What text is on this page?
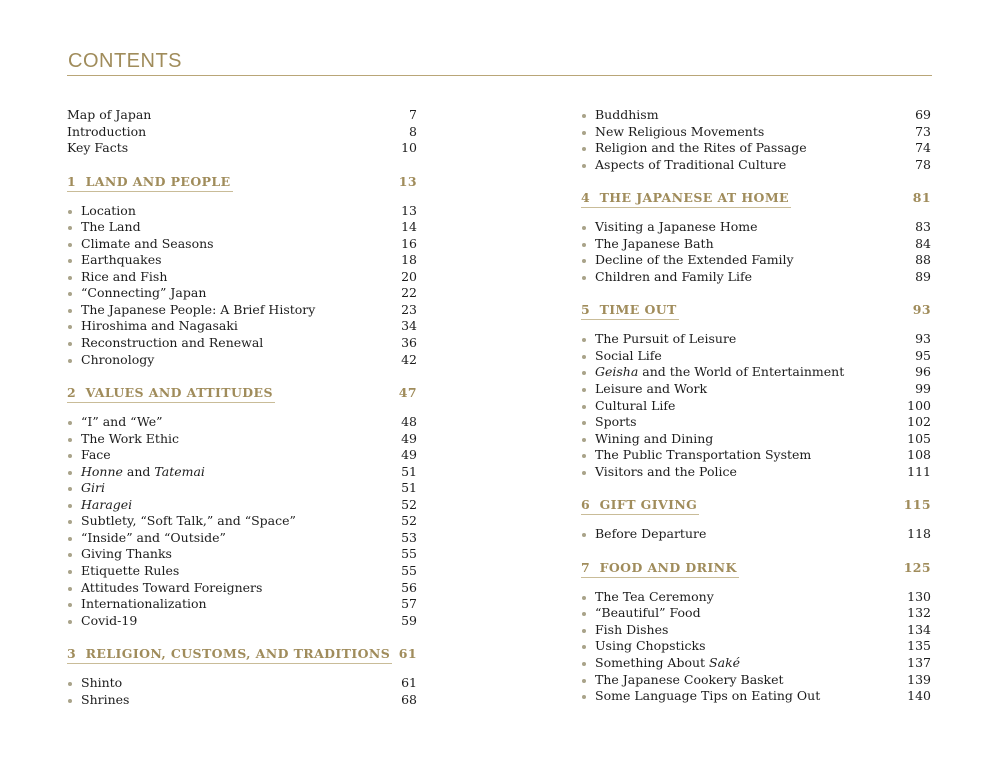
CONTENTS
Map of Japan	7
Introduction	8
Key Facts	10
1  LAND AND PEOPLE	13
Location	13
The Land	14
Climate and Seasons	16
Earthquakes	18
Rice and Fish	20
“Connecting” Japan	22
The Japanese People: A Brief History	23
Hiroshima and Nagasaki	34
Reconstruction and Renewal	36
Chronology	42
2  VALUES AND ATTITUDES	47
“I” and “We”	48
The Work Ethic	49
Face	49
Honne and Tatemai	51
Giri	51
Haragei	52
Subtlety, “Soft Talk,” and “Space”	52
“Inside” and “Outside”	53
Giving Thanks	55
Etiquette Rules	55
Attitudes Toward Foreigners	56
Internationalization	57
Covid-19	59
3  RELIGION, CUSTOMS, AND TRADITIONS 61
Shinto	61
Shrines	68
Buddhism	69
New Religious Movements	73
Religion and the Rites of Passage	74
Aspects of Traditional Culture	78
4  THE JAPANESE AT HOME	81
Visiting a Japanese Home	83
The Japanese Bath	84
Decline of the Extended Family	88
Children and Family Life	89
5  TIME OUT	93
The Pursuit of Leisure	93
Social Life	95
Geisha and the World of Entertainment	96
Leisure and Work	99
Cultural Life	100
Sports	102
Wining and Dining	105
The Public Transportation System	108
Visitors and the Police	111
6  GIFT GIVING	115
Before Departure	118
7  FOOD AND DRINK	125
The Tea Ceremony	130
“Beautiful” Food	132
Fish Dishes	134
Using Chopsticks	135
Something About Saké	137
The Japanese Cookery Basket	139
Some Language Tips on Eating Out	140
